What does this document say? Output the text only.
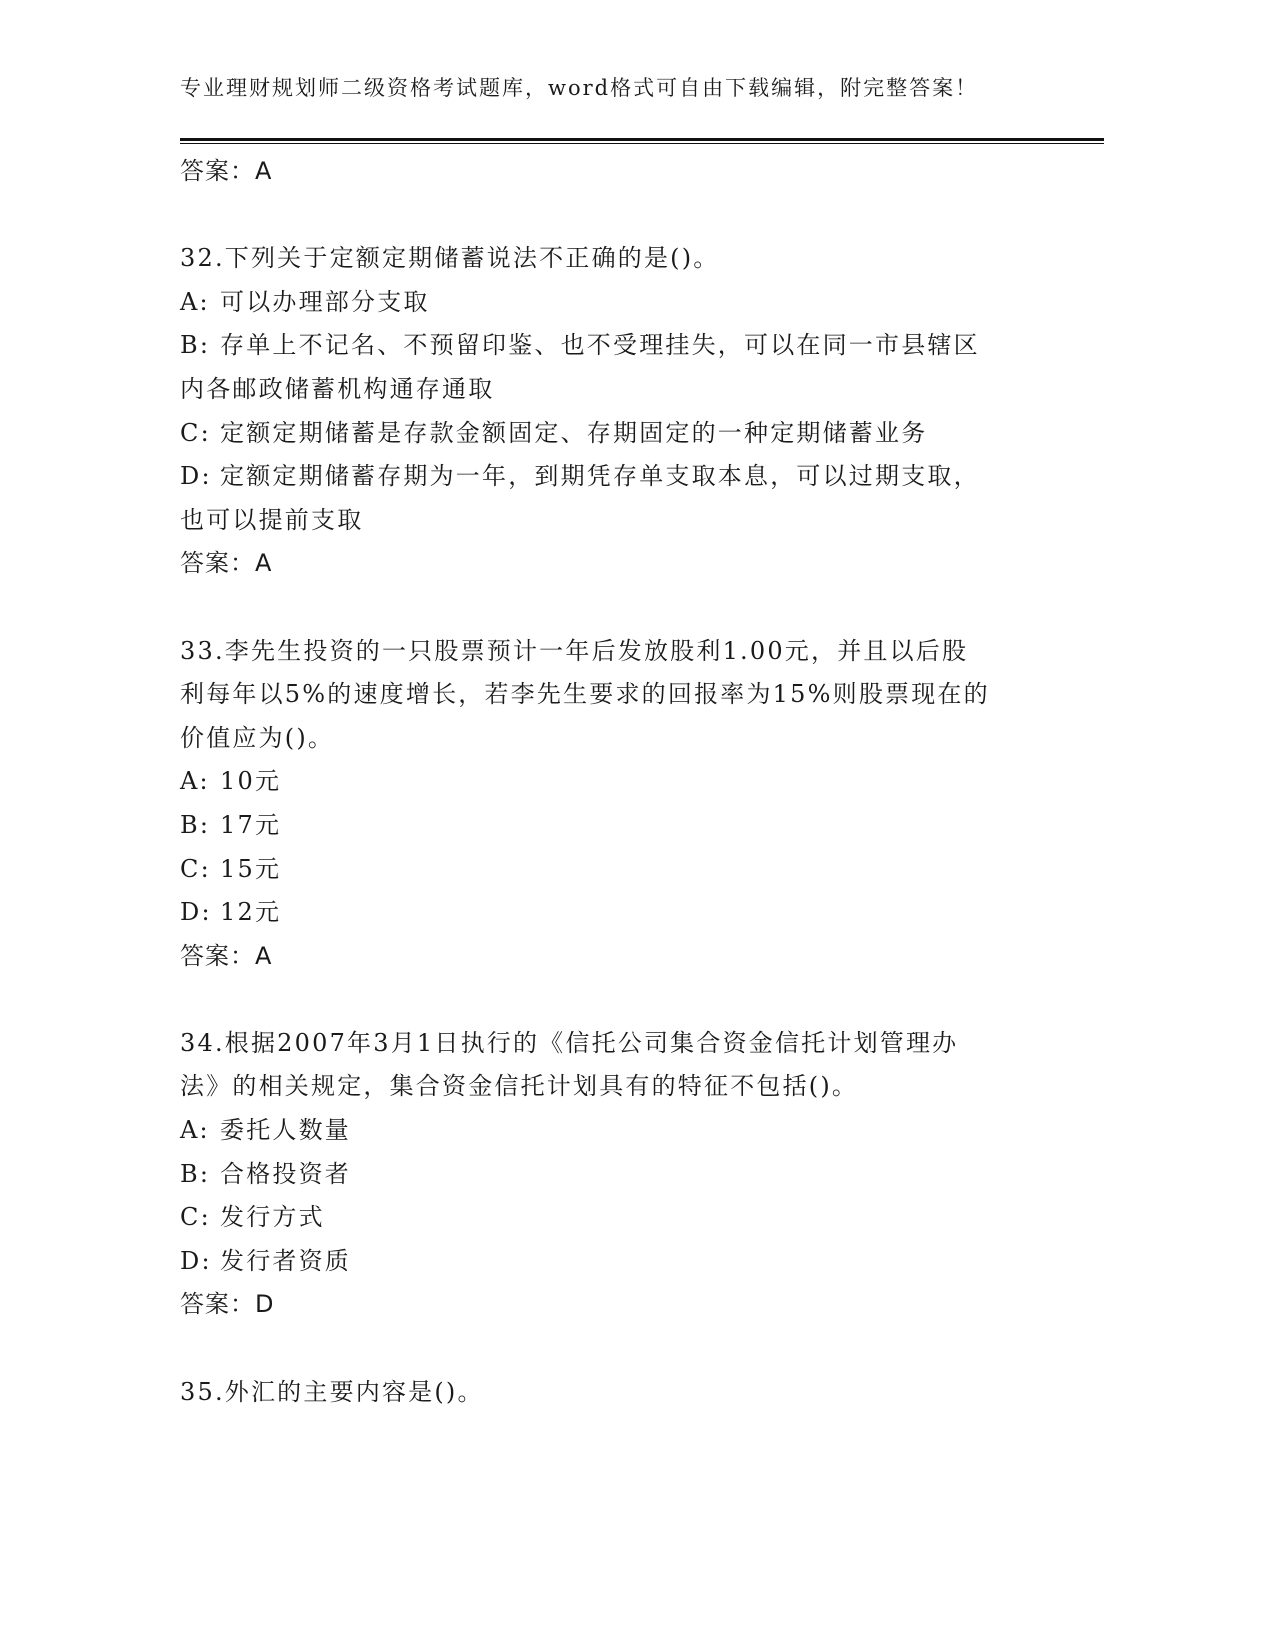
专业理财规划师二级资格考试题库，word格式可自由下载编辑，附完整答案！
答案：A
32.下列关于定额定期储蓄说法不正确的是()。
A: 可以办理部分支取
B: 存单上不记名、不预留印鉴、也不受理挂失，可以在同一市县辖区
内各邮政储蓄机构通存通取
C: 定额定期储蓄是存款金额固定、存期固定的一种定期储蓄业务
D: 定额定期储蓄存期为一年，到期凭存单支取本息，可以过期支取，
也可以提前支取
答案：A
33.李先生投资的一只股票预计一年后发放股利1.00元，并且以后股
利每年以5%的速度增长，若李先生要求的回报率为15%则股票现在的
价值应为()。
A: 10元
B: 17元
C: 15元
D: 12元
答案：A
34.根据2007年3月1日执行的《信托公司集合资金信托计划管理办
法》的相关规定，集合资金信托计划具有的特征不包括()。
A: 委托人数量
B: 合格投资者
C: 发行方式
D: 发行者资质
答案：D
35.外汇的主要内容是()。
